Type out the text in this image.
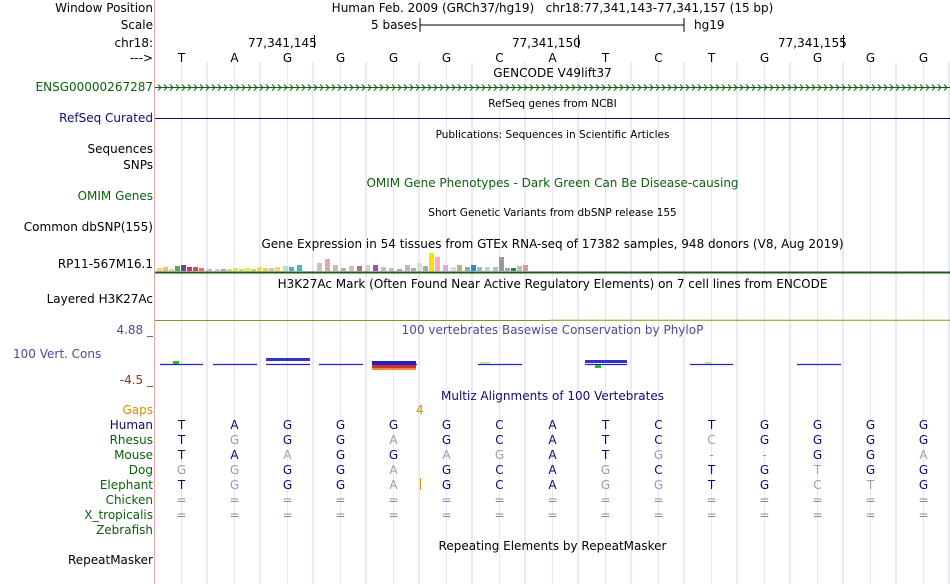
Window Position	Human Feb. 2009 (GRCh37/hg19)   chr18:77,341,143-77,341,157 (15 bp)
Scale	5 bases	hg19
chr18:	77,341,145	77,341,150	77,341,155
---> T	A	G	G	G	G	C	A	T	C	T	G	G	G	G
GENCODE V49lift37
ENSG00000267287
RefSeq genes from NCBI
RefSeq Curated
Publications: Sequences in Scientific Articles
Sequences
SNPs
OMIM Gene Phenotypes - Dark Green Can Be Disease-causing
OMIM Genes
Short Genetic Variants from dbSNP release 155
Common dbSNP(155)
Gene Expression in 54 tissues from GTEx RNA-seq of 17382 samples, 948 donors (V8, Aug 2019)
RP11-567M16.1
H3K27Ac Mark (Often Found Near Active Regulatory Elements) on 7 cell lines from ENCODE
Layered H3K27Ac
4.88 _	100 vertebrates Basewise Conservation by PhyloP
100 Vert. Cons
-4.5 _
Multiz Alignments of 100 Vertebrates
Gaps	4
Human T	A	G	G	G	G	C	A	T	C	T	G	G	G	G
Rhesus T	G	G	G	A	G	C	A	T	C	C	G	G	G	G
Mouse T	A	A	G	G	A	G	A	T	G	-	-	G	G	A
Dog G	G	G	G	A	G	C	A	G	C	T	G	T	G	G
Elephant T	G	G	G	A	G	C	A	G	G	T	G	C	T	G
Chicken =	=	=	=	=	=	=	=	=	=	=	=	=	=	=
X_tropicalis =	=	=	=	=	=	=	=	=	=	=	=	=	=	=
Zebrafish
Repeating Elements by RepeatMasker
RepeatMasker
